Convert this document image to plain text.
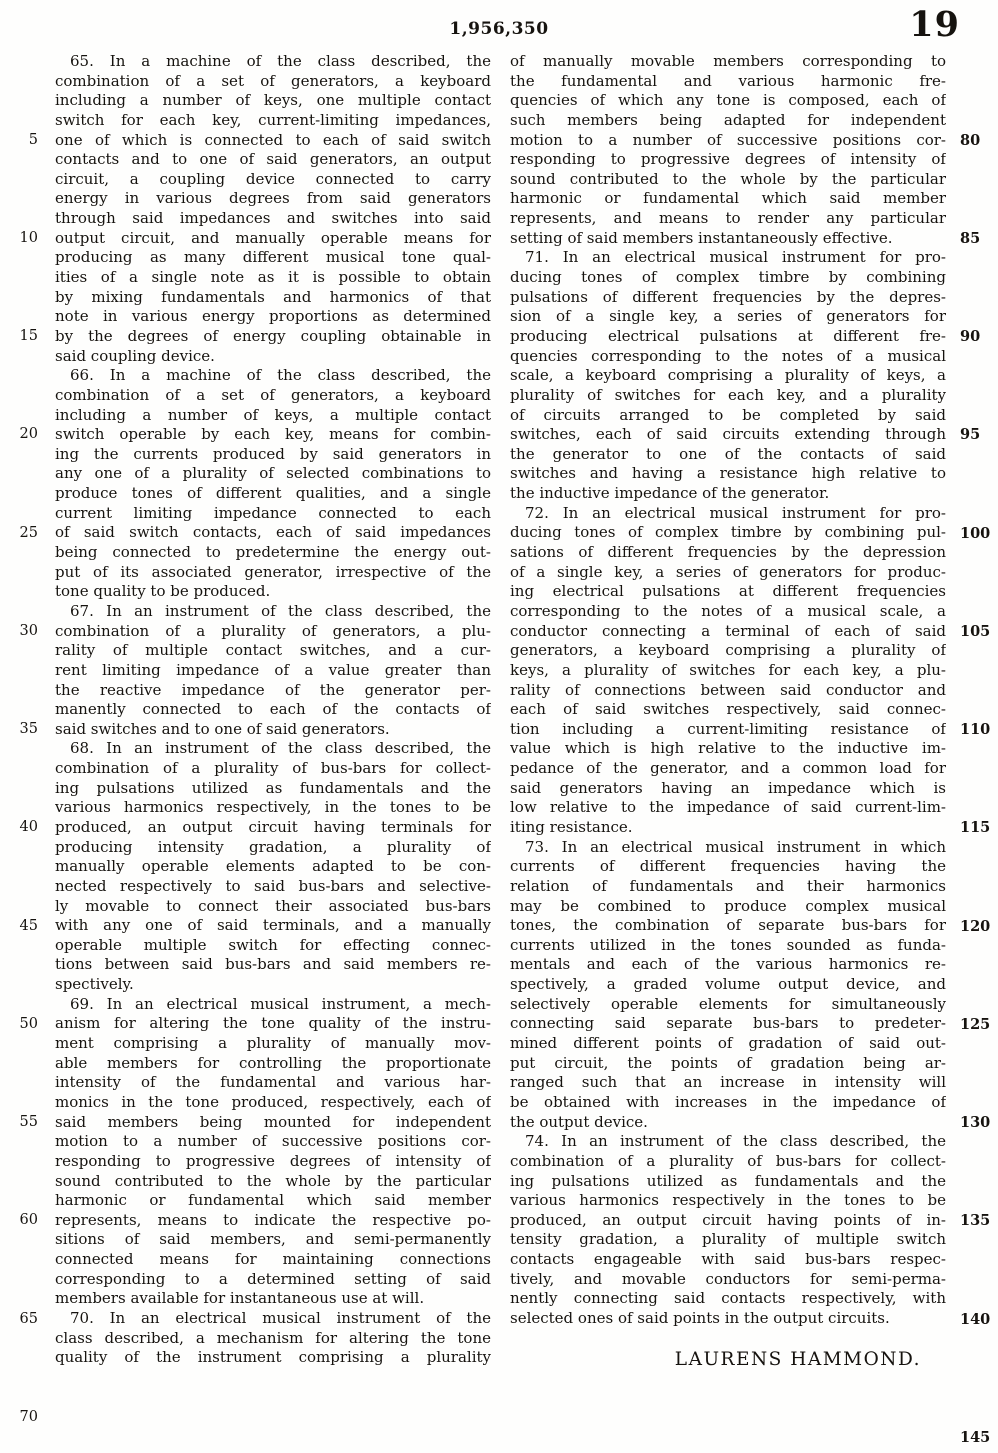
1,956,350	19
5
10
15
20
25
30
35
40
45
50
55
60
65
70
65. In a machine of the class described, the
combination of a set of generators, a keyboard
including a number of keys, one multiple contact
switch for each key, current-limiting impedances,
one of which is connected to each of said switch
contacts and to one of said generators, an output
circuit, a coupling device connected to carry
energy in various degrees from said generators
through said impedances and switches into said
output circuit, and manually operable means for
producing as many different musical tone qual-
ities of a single note as it is possible to obtain
by mixing fundamentals and harmonics of that
note in various energy proportions as determined
by the degrees of energy coupling obtainable in
said coupling device.
66. In a machine of the class described, the
combination of a set of generators, a keyboard
including a number of keys, a multiple contact
switch operable by each key, means for combin-
ing the currents produced by said generators in
any one of a plurality of selected combinations to
produce tones of different qualities, and a single
current limiting impedance connected to each
of said switch contacts, each of said impedances
being connected to predetermine the energy out-
put of its associated generator, irrespective of the
tone quality to be produced.
67. In an instrument of the class described, the
combination of a plurality of generators, a plu-
rality of multiple contact switches, and a cur-
rent limiting impedance of a value greater than
the reactive impedance of the generator per-
manently connected to each of the contacts of
said switches and to one of said generators.
68. In an instrument of the class described, the
combination of a plurality of bus-bars for collect-
ing pulsations utilized as fundamentals and the
various harmonics respectively, in the tones to be
produced, an output circuit having terminals for
producing intensity gradation, a plurality of
manually operable elements adapted to be con-
nected respectively to said bus-bars and selective-
ly movable to connect their associated bus-bars
with any one of said terminals, and a manually
operable multiple switch for effecting connec-
tions between said bus-bars and said members re-
spectively.
69. In an electrical musical instrument, a mech-
anism for altering the tone quality of the instru-
ment comprising a plurality of manually mov-
able members for controlling the proportionate
intensity of the fundamental and various har-
monics in the tone produced, respectively, each of
said members being mounted for independent
motion to a number of successive positions cor-
responding to progressive degrees of intensity of
sound contributed to the whole by the particular
harmonic or fundamental which said member
represents, means to indicate the respective po-
sitions of said members, and semi-permanently
connected means for maintaining connections
corresponding to a determined setting of said
members available for instantaneous use at will.
70. In an electrical musical instrument of the
class described, a mechanism for altering the tone
quality of the instrument comprising a plurality	LAURENS HAMMOND.
of manually movable members corresponding to
the fundamental and various harmonic fre-
quencies of which any tone is composed, each of
such members being adapted for independent
motion to a number of successive positions cor-
responding to progressive degrees of intensity of
sound contributed to the whole by the particular
harmonic or fundamental which said member
represents, and means to render any particular
setting of said members instantaneously effective.
71. In an electrical musical instrument for pro-
ducing tones of complex timbre by combining
pulsations of different frequencies by the depres-
sion of a single key, a series of generators for
producing electrical pulsations at different fre-
quencies corresponding to the notes of a musical
scale, a keyboard comprising a plurality of keys, a
plurality of switches for each key, and a plurality
of circuits arranged to be completed by said
switches, each of said circuits extending through
the generator to one of the contacts of said
switches and having a resistance high relative to
the inductive impedance of the generator.
72. In an electrical musical instrument for pro-
ducing tones of complex timbre by combining pul-
sations of different frequencies by the depression
of a single key, a series of generators for produc-
ing electrical pulsations at different frequencies
corresponding to the notes of a musical scale, a
conductor connecting a terminal of each of said
generators, a keyboard comprising a plurality of
keys, a plurality of switches for each key, a plu-
rality of connections between said conductor and
each of said switches respectively, said connec-
tion including a current-limiting resistance of
value which is high relative to the inductive im-
pedance of the generator, and a common load for
said generators having an impedance which is
low relative to the impedance of said current-lim-
iting resistance.
73. In an electrical musical instrument in which
currents of different frequencies having the
relation of fundamentals and their harmonics
may be combined to produce complex musical
tones, the combination of separate bus-bars for
currents utilized in the tones sounded as funda-
mentals and each of the various harmonics re-
spectively, a graded volume output device, and
selectively operable elements for simultaneously
connecting said separate bus-bars to predeter-
mined different points of gradation of said out-
put circuit, the points of gradation being ar-
ranged such that an increase in intensity will
be obtained with increases in the impedance of
the output device.
74. In an instrument of the class described, the
combination of a plurality of bus-bars for collect-
ing pulsations utilized as fundamentals and the
various harmonics respectively in the tones to be
produced, an output circuit having points of in-
tensity gradation, a plurality of multiple switch
contacts engageable with said bus-bars respec-
tively, and movable conductors for semi-perma-
nently connecting said contacts respectively, with
selected ones of said points in the output circuits.
80
85
90
95
100
105
110
115
120
125
130
135
140
145
